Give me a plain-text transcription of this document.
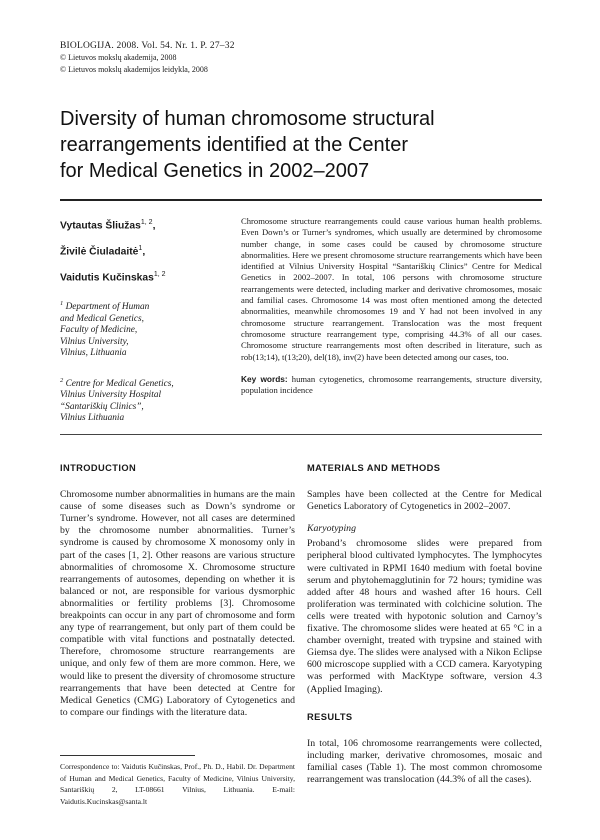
BIOLOGIJA. 2008. Vol. 54. Nr. 1. P. 27–32
© Lietuvos mokslų akademija, 2008
© Lietuvos mokslų akademijos leidykla, 2008
Diversity of human chromosome structural
rearrangements identified at the Center
for Medical Genetics in 2002–2007
Vytautas Šliužas$^{1, 2}$,
Živilė Čiuladaitė$^1$,
Vaidutis Kučinskas$^{1, 2}$
$^1$ Department of Human
and Medical Genetics,
Faculty of Medicine,
Vilnius University,
Vilnius, Lithuania
$^2$ Centre for Medical Genetics,
Vilnius University Hospital
“Santariškių Clinics”,
Vilnius Lithuania

Chromosome structure rearrangements could cause various human health problems. Even Down’s or Turner’s syndromes, which usually are determined by chromosome number change, in some cases could be caused by chromosome structure abnormalities. Here we present chromosome structure rearrangements which have been identified at Vilnius University Hospital “Santariškių Clinics” Centre for Medical Genetics in 2002–2007. In total, 106 persons with chromosome structure rearrangements were detected, including marker and derivative chromosomes, mosaic and familial cases. Chromosome 14 was most often mentioned among the detected abnormalities, meanwhile chromosomes 19 and Y had not been involved in any chromosome structure rearrangement. Translocation was the most frequent chromosome structure rearrangement type, comprising 44.3% of all our cases. Chromosome structure rearrangements most often described in literature, such as rob(13;14), t(13;20), del(18), inv(2) have been detected among our cases, too.

Key words: human cytogenetics, chromosome rearrangements, structure diversity, population incidence

INTRODUCTION

Chromosome number abnormalities in humans are the main cause of some diseases such as Down’s syndrome or Turner’s syndrome. However, not all cases are determined by the chromosome number abnormalities. Turner’s syndrome is caused by chromosome X monosomy only in part of the cases [1, 2]. Other reasons are various structure abnormalities of chromosome X. Chromosome structure rearrangements of autosomes, depending on whether it is balanced or not, are responsible for various dysmorphic abnormalities or fertility problems [3]. Chromosome breakpoints can occur in any part of chromosome and form any type of rearrangement, but only part of them could be compatible with vital functions and postnatally detected. Therefore, chromosome structure rearrangements are unique, and only few of them are more common. Here, we would like to present the diversity of chromosome structure rearrangements that have been detected at Centre for Medical Genetics (CMG) Laboratory of Cytogenetics and to compare our findings with the literature data.

Correspondence to: Vaidutis Kučinskas, Prof., Ph. D., Habil. Dr. Department of Human and Medical Genetics, Faculty of Medicine, Vilnius University, Santariškių 2, LT-08661 Vilnius, Lithuania. E-mail: Vaidutis.Kucinskas@santa.lt
MATERIALS AND METHODS

Samples have been collected at the Centre for Medical Genetics Laboratory of Cytogenetics in 2002–2007.

Karyotyping

Proband’s chromosome slides were prepared from peripheral blood cultivated lymphocytes. The lymphocytes were cultivated in RPMI 1640 medium with foetal bovine serum and phytohemagglutinin for 72 hours; tymidine was added after 48 hours and washed after 16 hours. Cell proliferation was terminated with colchicine solution. The cells were treated with hypotonic solution and Carnoy’s fixative. The chromosome slides were heated at 65 °C in a chamber overnight, treated with trypsine and stained with Giemsa dye. The slides were analysed with a Nikon Eclipse 600 microscope supplied with a CCD camera. Karyotyping was performed with MacKtype software, version 4.3 (Applied Imaging).

RESULTS

In total, 106 chromosome rearrangements were collected, including marker, derivative chromosomes, mosaic and familial cases (Table 1). The most common chromosome rearrangement was translocation (44.3% of all the cases).
